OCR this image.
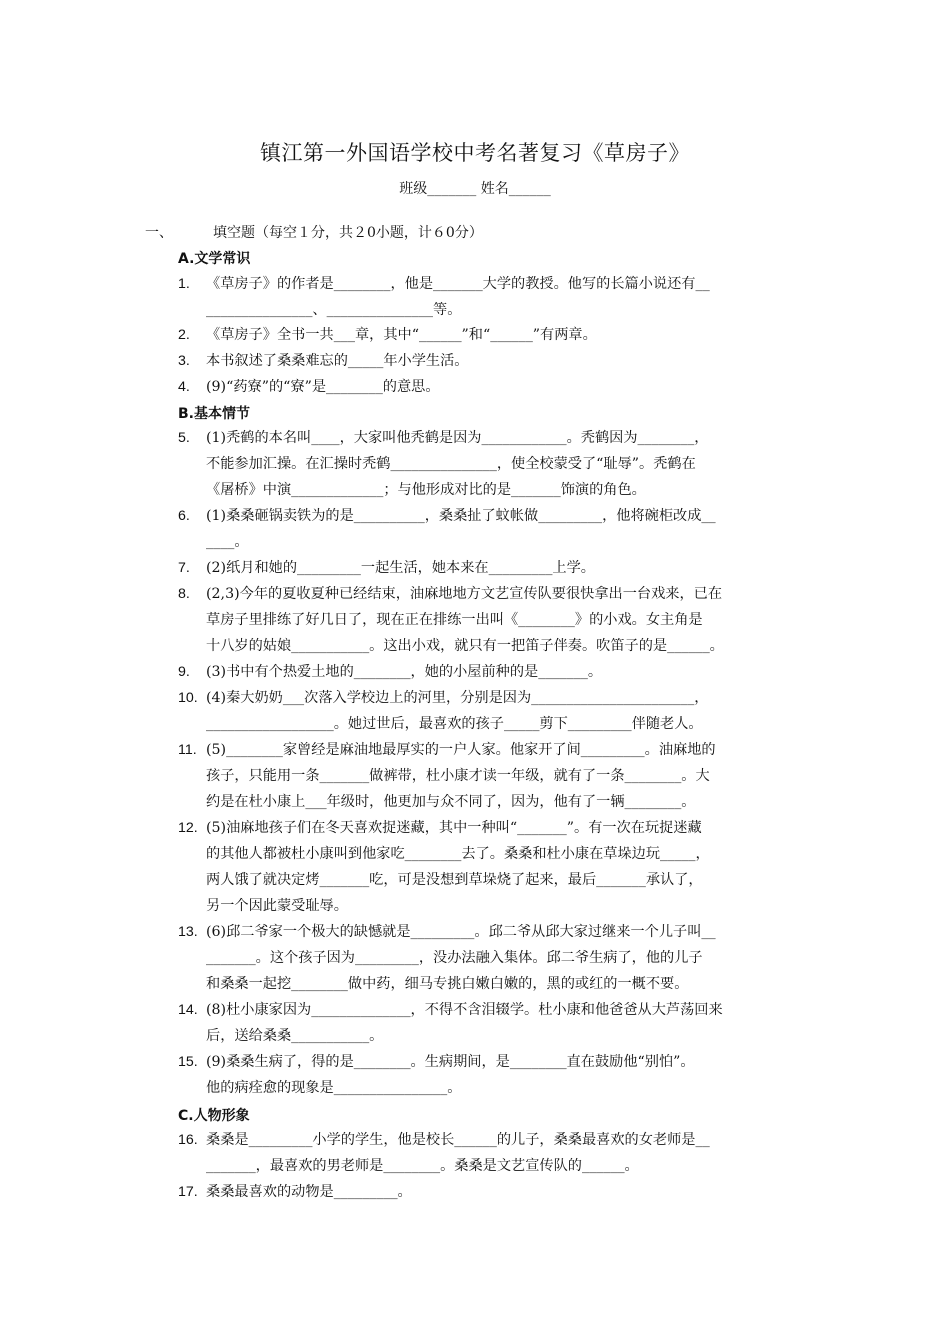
镇江第一外国语学校中考名著复习《草房子》
班级_______ 姓名______
一、	填空题（每空１分，共２0小题，计６0分）
A.文学常识
B.基本情节
C.人物形象
1. 《草房子》的作者是________，他是_______大学的教授。他写的长篇小说还有__
_______________、_______________等。
2. 《草房子》全书一共___章，其中“______”和“______”有两章。
3. 本书叙述了桑桑难忘的_____年小学生活。
4. (9)“药寮”的“寮”是________的意思。
5. (1)秃鹤的本名叫____，大家叫他秃鹤是因为____________。秃鹤因为________，
不能参加汇操。在汇操时秃鹤_______________，使全校蒙受了“耻辱”。秃鹤在
《屠桥》中演_____________；与他形成对比的是_______饰演的角色。
6. (1)桑桑砸锅卖铁为的是__________，桑桑扯了蚊帐做_________，他将碗柜改成__
____。
7. (2)纸月和她的_________一起生活，她本来在_________上学。
8. (2,3)今年的夏收夏种已经结束，油麻地地方文艺宣传队要很快拿出一台戏来，已在
草房子里排练了好几日了，现在正在排练一出叫《________》的小戏。女主角是
十八岁的姑娘___________。这出小戏，就只有一把笛子伴奏。吹笛子的是______。
9. (3)书中有个热爱土地的________，她的小屋前种的是_______。
10. (4)秦大奶奶___次落入学校边上的河里，分别是因为_______________________，
__________________。她过世后，最喜欢的孩子_____剪下_________伴随老人。
11. (5)________家曾经是麻油地最厚实的一户人家。他家开了间_________。油麻地的
孩子，只能用一条_______做裤带，杜小康才读一年级，就有了一条________。大
约是在杜小康上___年级时，他更加与众不同了，因为，他有了一辆________。
12. (5)油麻地孩子们在冬天喜欢捉迷藏，其中一种叫“_______”。有一次在玩捉迷藏
的其他人都被杜小康叫到他家吃________去了。桑桑和杜小康在草垛边玩_____，
两人饿了就决定烤_______吃，可是没想到草垛烧了起来，最后_______承认了，
另一个因此蒙受耻辱。
13. (6)邱二爷家一个极大的缺憾就是_________。邱二爷从邱大家过继来一个儿子叫__
_______。这个孩子因为_________，没办法融入集体。邱二爷生病了，他的儿子
和桑桑一起挖________做中药，细马专挑白嫩白嫩的，黑的或红的一概不要。
14. (8)杜小康家因为______________，不得不含泪辍学。杜小康和他爸爸从大芦荡回来
后，送给桑桑___________。
15. (9)桑桑生病了，得的是________。生病期间，是________直在鼓励他“别怕”。
他的病痊愈的现象是________________。
16. 桑桑是_________小学的学生，他是校长______的儿子，桑桑最喜欢的女老师是__
_______，最喜欢的男老师是________。桑桑是文艺宣传队的______。
17. 桑桑最喜欢的动物是_________。
